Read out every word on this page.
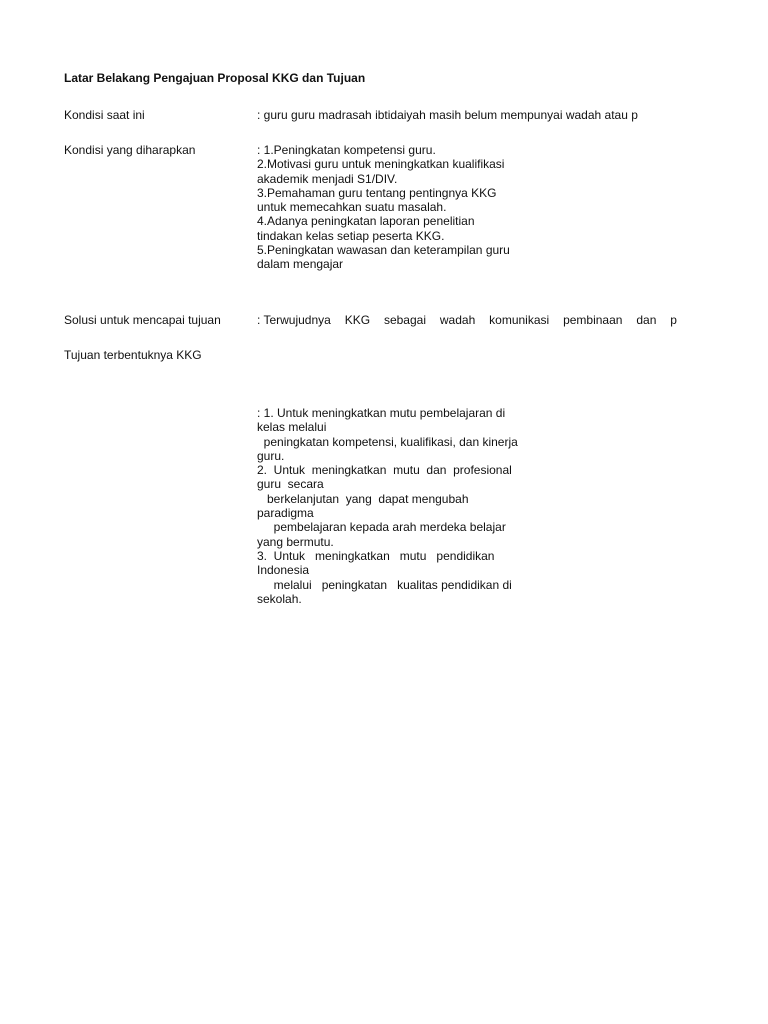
Latar Belakang Pengajuan Proposal KKG dan Tujuan
Kondisi saat ini	: guru guru madrasah ibtidaiyah masih belum mempunyai wadah atau p
Kondisi yang diharapkan	: 1.Peningkatan kompetensi guru.
2.Motivasi guru untuk meningkatkan kualifikasi
akademik menjadi S1/DIV.
3.Pemahaman guru tentang pentingnya KKG
untuk memecahkan suatu masalah.
4.Adanya peningkatan laporan penelitian
tindakan kelas setiap peserta KKG.
5.Peningkatan wawasan dan keterampilan guru
dalam mengajar
Solusi untuk mencapai tujuan	: Terwujudnya KKG sebagai wadah komunikasi pembinaan dan p
Tujuan terbentuknya KKG
: 1. Untuk meningkatkan mutu pembelajaran di
kelas melalui
peningkatan kompetensi, kualifikasi, dan kinerja
guru.
2.  Untuk  meningkatkan  mutu  dan  profesional
guru  secara
berkelanjutan  yang  dapat mengubah
paradigma
pembelajaran kepada arah merdeka belajar
yang bermutu.
3.  Untuk   meningkatkan   mutu   pendidikan
Indonesia
melalui   peningkatan   kualitas pendidikan di
sekolah.
